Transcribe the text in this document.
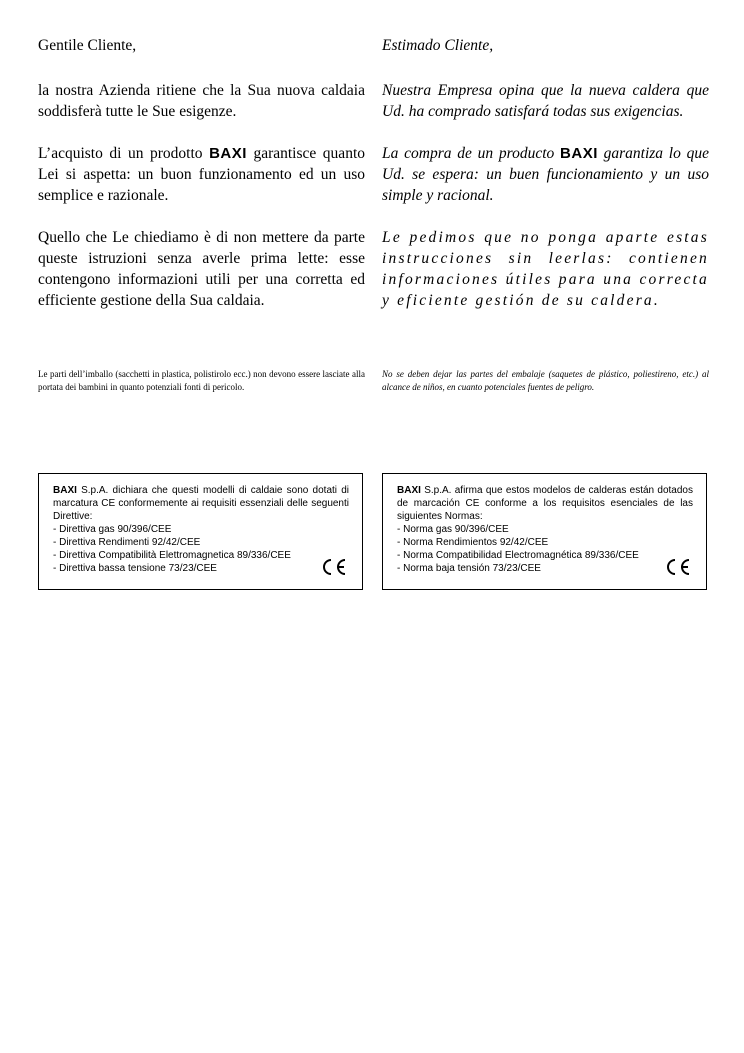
Gentile Cliente,

la nostra Azienda ritiene che la Sua nuova caldaia soddisferà tutte le Sue esigenze.

L’acquisto di un prodotto BAXI garantisce quanto Lei si aspetta: un buon funzionamento ed un uso semplice e razionale.

Quello che Le chiediamo è di non mettere da parte queste istruzioni senza averle prima lette: esse contengono informazioni utili per una corretta ed efficiente gestione della Sua caldaia.

Estimado Cliente,

Nuestra Empresa opina que la nueva caldera que Ud. ha comprado satisfará todas sus exigencias.

La compra de un producto BAXI garantiza lo que Ud. se espera: un buen funcionamiento y un uso simple y racional.

Le pedimos que no ponga aparte estas instrucciones sin leerlas: contienen informaciones útiles para una correcta y eficiente gestión de su caldera.

Le parti dell’imballo (sacchetti in plastica, polistirolo ecc.) non devono essere lasciate alla portata dei bambini in quanto potenziali fonti di pericolo.

No se deben dejar las partes del embalaje (saquetes de plástico, poliestireno, etc.) al alcance de niños, en cuanto potenciales fuentes de peligro.

BAXI S.p.A. dichiara che questi modelli di caldaie sono dotati di marcatura CE conformemente ai requisiti essenziali delle seguenti Direttive:

- Direttiva gas 90/396/CEE
- Direttiva Rendimenti 92/42/CEE
- Direttiva Compatibilità Elettromagnetica 89/336/CEE
- Direttiva bassa tensione 73/23/CEE

BAXI S.p.A. afirma que estos modelos de calderas están dotados de marcación CE conforme a los requisitos esenciales de las siguientes Normas:

- Norma gas 90/396/CEE
- Norma Rendimientos 92/42/CEE
- Norma Compatibilidad Electromagnética 89/336/CEE
- Norma baja tensión 73/23/CEE
